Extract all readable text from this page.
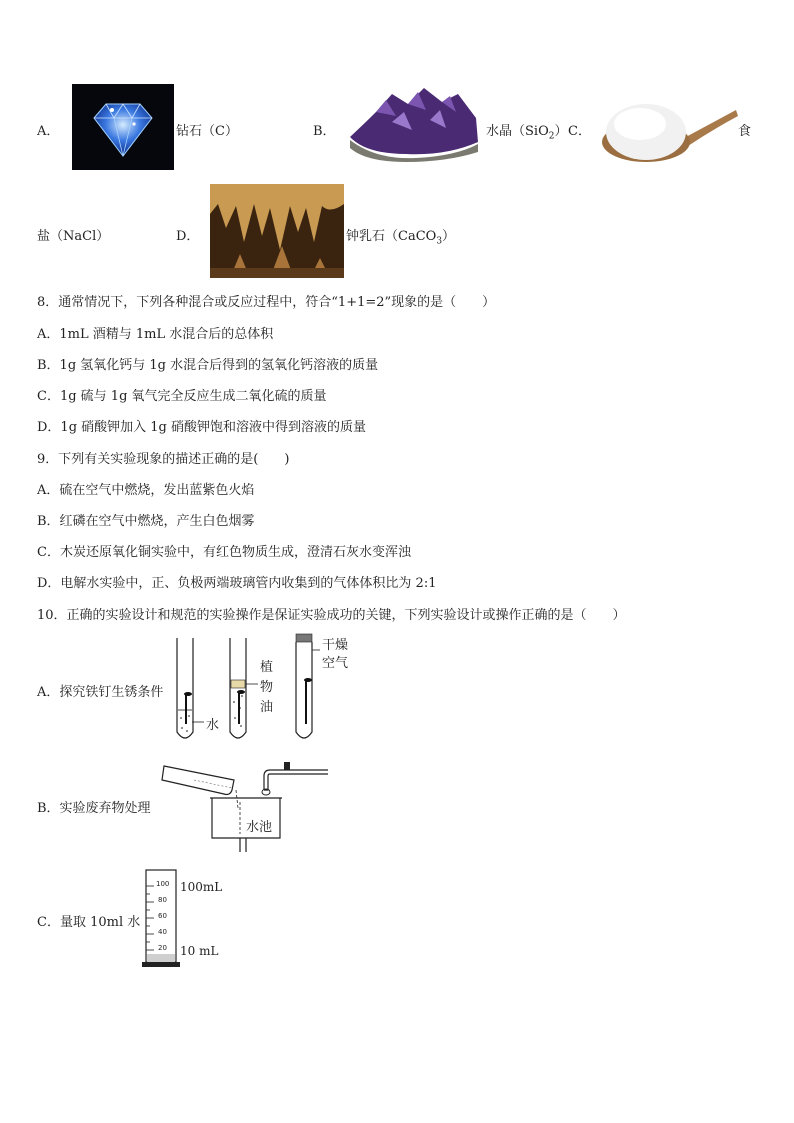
A．	钻石（C）	B．	水晶（SiO$_2$） C．	食
盐（NaCl）	D．	钟乳石（CaCO$_3$）
8．通常情况下，下列各种混合或反应过程中，符合“1+1=2”现象的是（　　）
A．1mL 酒精与 1mL 水混合后的总体积
B．1g 氢氧化钙与 1g 水混合后得到的氢氧化钙溶液的质量
C．1g 硫与 1g 氧气完全反应生成二氧化硫的质量
D．1g 硝酸钾加入 1g 硝酸钾饱和溶液中得到溶液的质量
9．下列有关实验现象的描述正确的是(　　)
A．硫在空气中燃烧，发出蓝紫色火焰
B．红磷在空气中燃烧，产生白色烟雾
C．木炭还原氧化铜实验中，有红色物质生成，澄清石灰水变浑浊
D．电解水实验中，正、负极两端玻璃管内收集到的气体体积比为 2:1
10．正确的实验设计和规范的实验操作是保证实验成功的关键，下列实验设计或操作正确的是（　　）
A．探究铁钉生锈条件
水
植
物
油
干燥
空气
B．实验废弃物处理
水池
C．量取 10ml 水
100
80
60
40
20
100mL
10 mL
